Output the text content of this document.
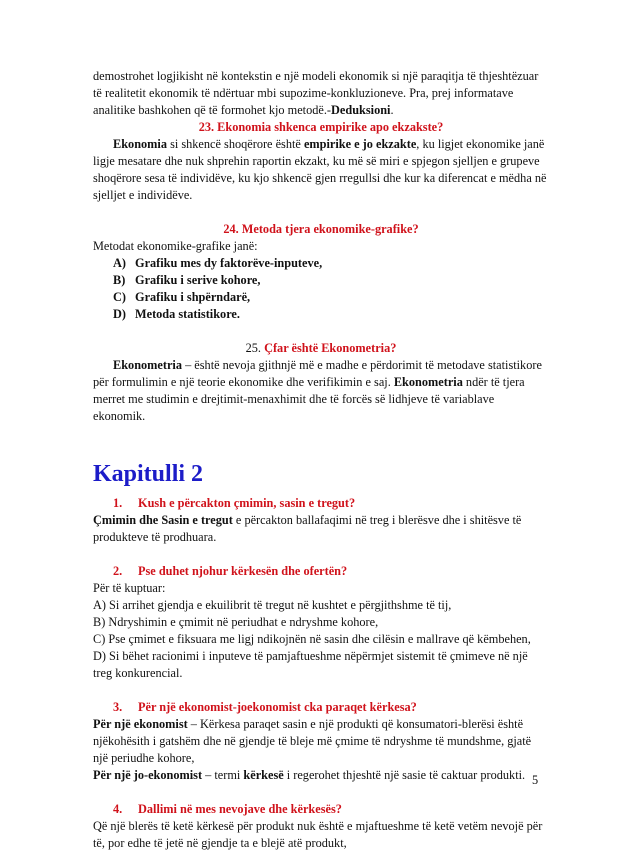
demostrohet logjikisht në kontekstin e një modeli ekonomik si një paraqitja të thjeshtëzuar të realitetit ekonomik të ndërtuar mbi supozime-konkluzioneve. Pra, prej informatave analitike bashkohen që të formohet kjo metodë.-Deduksioni.

23. Ekonomia shkenca empirike apo ekzakste?

Ekonomia si shkencë shoqërore është empirike e jo ekzakte, ku ligjet ekonomike janë ligje mesatare dhe nuk shprehin raportin ekzakt, ku më së miri e spjegon sjelljen e grupeve shoqërore sesa të individëve, ku kjo shkencë gjen rregullsi dhe kur ka diferencat e mëdha në sjelljet e individëve.

24. Metoda tjera ekonomike-grafike?

Metodat ekonomike-grafike janë:

A) Grafiku mes dy faktorëve-inputeve,
B) Grafiku i serive kohore,
C) Grafiku i shpërndarë,
D) Metoda statistikore.

25. Çfar është Ekonometria?

Ekonometria – është nevoja gjithnjë më e madhe e përdorimit të metodave statistikore për formulimin e një teorie ekonomike dhe verifikimin e saj. Ekonometria ndër të tjera merret me studimin e drejtimit-menaxhimit dhe të forcës së lidhjeve të variablave ekonomik.

Kapitulli 2

1. Kush e përcakton çmimin, sasin e tregut?

Çmimin dhe Sasin e tregut e përcakton ballafaqimi në treg i blerësve dhe i shitësve të produkteve të prodhuara.

2. Pse duhet njohur kërkesën dhe ofertën?

Për të kuptuar:

A) Si arrihet gjendja e ekuilibrit të tregut në kushtet e përgjithshme të tij,

B) Ndryshimin e çmimit në periudhat e ndryshme kohore,

C) Pse çmimet e fiksuara me ligj ndikojnën në sasin dhe cilësin e mallrave që këmbehen,

D) Si bëhet racionimi i inputeve të pamjaftueshme nëpërmjet sistemit të çmimeve në një treg konkurencial.

3. Për një ekonomist-joekonomist cka paraqet kërkesa?

Për një ekonomist – Kërkesa paraqet sasin e një produkti që konsumatori-blerësi është njëkohësith i gatshëm dhe në gjendje të bleje më çmime të ndryshme të mundshme, gjatë një periudhe kohore,

Për një jo-ekonomist – termi kërkesë i regerohet thjeshtë një sasie të caktuar produkti.

4. Dallimi në mes nevojave dhe kërkesës?

Që një blerës të ketë kërkesë për produkt nuk është e mjaftueshme të ketë vetëm nevojë për të, por edhe të jetë në gjendje ta e blejë atë produkt,

5
